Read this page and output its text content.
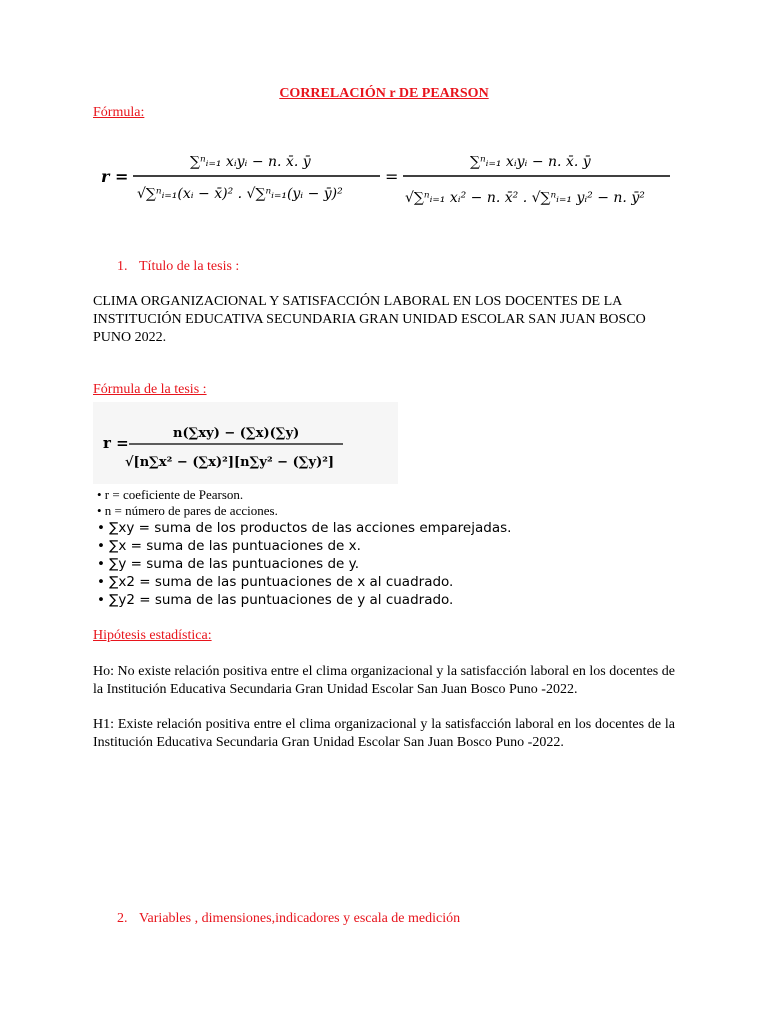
CORRELACIÓN r DE PEARSON
Fórmula:
r =
∑ⁿᵢ₌₁ xᵢyᵢ − n. x̄. ȳ
√∑ⁿᵢ₌₁(xᵢ − x̄)² . √∑ⁿᵢ₌₁(yᵢ − ȳ)²
=
∑ⁿᵢ₌₁ xᵢyᵢ − n. x̄. ȳ
√∑ⁿᵢ₌₁ xᵢ² − n. x̄² . √∑ⁿᵢ₌₁ yᵢ² − n. ȳ²
1. Título de la tesis :
CLIMA ORGANIZACIONAL Y SATISFACCIÓN LABORAL EN LOS DOCENTES DE LA INSTITUCIÓN EDUCATIVA SECUNDARIA GRAN UNIDAD ESCOLAR SAN JUAN BOSCO PUNO 2022.
Fórmula de la tesis :
r =
n(∑xy) − (∑x)(∑y)
√[n∑x² − (∑x)²][n∑y² − (∑y)²]
• r = coeficiente de Pearson.
• n = número de pares de acciones.
• ∑xy = suma de los productos de las acciones emparejadas.
• ∑x = suma de las puntuaciones de x.
• ∑y = suma de las puntuaciones de y.
• ∑x2 = suma de las puntuaciones de x al cuadrado.
• ∑y2 = suma de las puntuaciones de y al cuadrado.
Hipótesis estadística:
Ho: No existe relación positiva entre el clima organizacional y la satisfacción laboral en los docentes de la Institución Educativa Secundaria Gran Unidad Escolar San Juan Bosco Puno -2022.
H1: Existe relación positiva entre el clima organizacional y la satisfacción laboral en los docentes de la Institución Educativa Secundaria Gran Unidad Escolar San Juan Bosco Puno -2022.
2. Variables , dimensiones,indicadores y escala de medición
